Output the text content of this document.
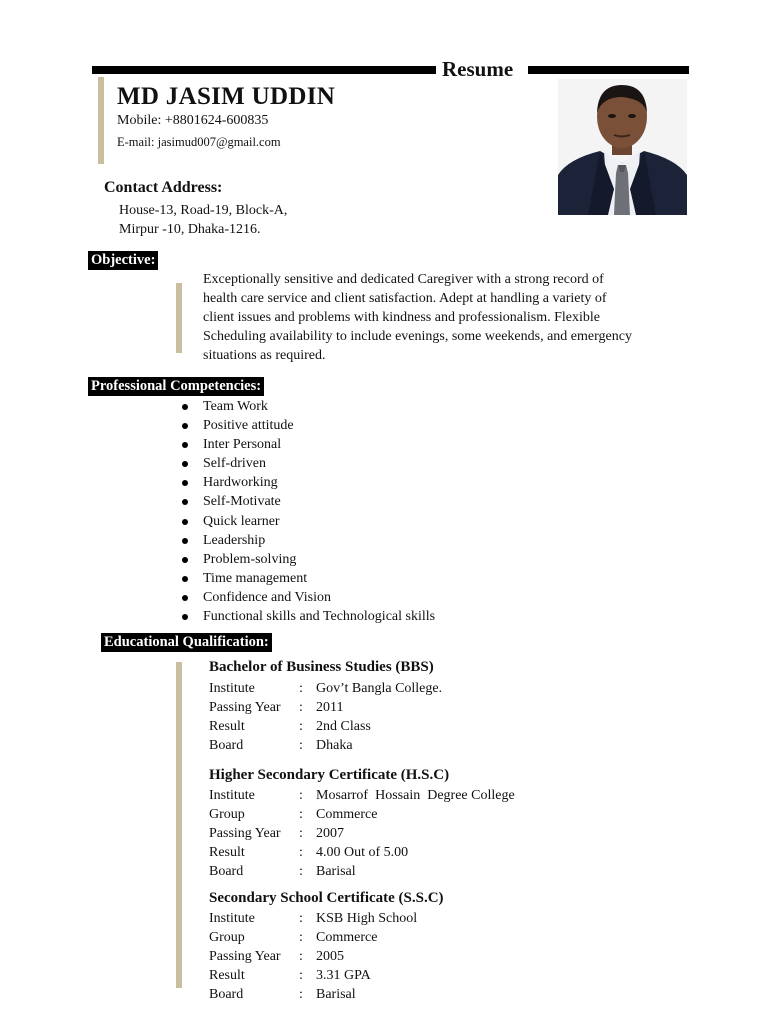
Resume
MD JASIM UDDIN
Mobile: +8801624-600835
E-mail: jasimud007@gmail.com
Contact Address:
House-13, Road-19, Block-A,
Mirpur -10, Dhaka-1216.
Objective:
Exceptionally sensitive and dedicated Caregiver with a strong record of
health care service and client satisfaction. Adept at handling a variety of
client issues and problems with kindness and professionalism. Flexible
Scheduling availability to include evenings, some weekends, and emergency
situations as required.
Professional Competencies:
Team Work
Positive attitude
Inter Personal
Self-driven
Hardworking
Self-Motivate
Quick learner
Leadership
Problem-solving
Time management
Confidence and Vision
Functional skills and Technological skills
Educational Qualification:
Bachelor of Business Studies (BBS)
Institute	: Gov’t Bangla College.
Passing Year : 2011
Result	: 2nd Class
Board	: Dhaka
Higher Secondary Certificate (H.S.C)
Institute	: Mosarrof  Hossain  Degree College
Group	: Commerce
Passing Year : 2007
Result	: 4.00 Out of 5.00
Board	: Barisal
Secondary School Certificate (S.S.C)
Institute	: KSB High School
Group	: Commerce
Passing Year : 2005
Result	: 3.31 GPA
Board	: Barisal
